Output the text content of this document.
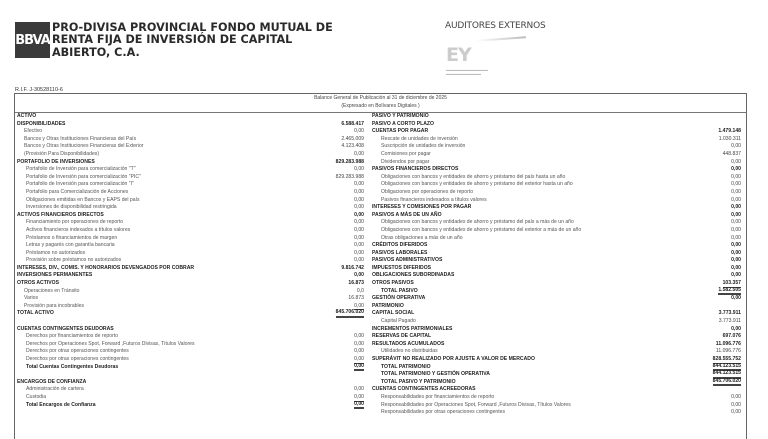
BBVA
PRO-DIVISA PROVINCIAL FONDO MUTUAL DE
RENTA FIJA DE INVERSIÓN DE CAPITAL
ABIERTO, C.A.
AUDITORES EXTERNOS
EY
▬▬▬▬▬▬▬▬▬▬▬▬
▬▬▬▬▬▬▬▬▬▬
R.I.F. J-30528110-6
Balance General de Publicación al 31 de diciembre de 2025
(Expresado en Bolívares Digitales )
ACTIVO
DISPONIBILIDADES	6.588.417
Efectivo	0,00
Bancos y Otras Instituciones Financieras del País	2.465.009
Bancos y Otras Instituciones Financieras del Exterior	4.123.408
(Provisión Para Disponibilidades)	0,00
PORTAFOLIO DE INVERSIONES	829.283.988
Portafolio de Inversión para comercialización "T"	0,00
Portafolio de Inversión para comercialización "PIC"	829.283.988
Portafolio de Inversión para comercialización "I"	0,00
Portafolio para Comercialización de Acciones	0,00
Obligaciones emitidas en Bancos y EAPS del país	0,00
Inversiones de disponibilidad restringida	0,00
ACTIVOS FINANCIEROS DIRECTOS	0,00
Financiamiento por operaciones de reporto	0,00
Activos financieros indexados a títulos valores	0,00
Préstamos o financiamientos de margen	0,00
Letras y pagarés con garantía bancaria	0,00
Préstamos no autorizados	0,00
Provisión sobre préstamos no autorizados	0,00
INTERESES, DIV., COMIS. Y HONORARIOS DEVENGADOS POR COBRAR	9.816.742
INVERSIONES PERMANENTES	0,00
OTROS ACTIVOS	16.873
Operaciones en Tránsito	0,0
Varios	16.873
Provisión para incobrables	0,00
TOTAL ACTIVO	845.706.020
CUENTAS CONTINGENTES DEUDORAS
Derechos por financiamientos de reporto	0,00
Derechos por Operaciones Spot, Forward ,Futuros Divisas, Títulos Valores	0,00
Derechos por otras operaciones contingentes	0,00
Derechos por otras operaciones contingentes	0,00
Total Cuentas Contingentes Deudoras	0,00
ENCARGOS DE CONFIANZA
Administración de cartera	0,00
Custodia	0,00
Total Encargos de Confianza	0,00
PASIVO Y PATRIMONIO
PASIVO A CORTO PLAZO
CUENTAS POR PAGAR	1.479.148
Rescate de unidades de inversión	1.030.311
Suscripción de unidades de inversión	0,00
Comisiones por pagar	448.837
Dividendos por pagar	0,00
PASIVOS FINANCIEROS DIRECTOS	0,00
Obligaciones con bancos y entidades de ahorro y préstamo del país hasta un año	0,00
Obligaciones con bancos y entidades de ahorro y préstamo del exterior hasta un año	0,00
Obligaciones por operaciones de reporto	0,00
Pasivos financieros indexados a títulos valores	0,00
INTERESES Y COMISIONES POR PAGAR	0,00
PASIVOS A MÁS DE UN AÑO	0,00
Obligaciones con bancos y entidades de ahorro y préstamo del país a más de un año	0,00
Obligaciones con bancos y entidades de ahorro y préstamo del exterior a más de un año	0,00
Otras obligaciones a más de un año	0,00
CRÉDITOS DIFERIDOS	0,00
PASIVOS LABORALES	0,00
PASIVOS ADMINISTRATIVOS	0,00
IMPUESTOS DIFERIDOS	0,00
OBLIGACIONES SUBORDINADAS	0,00
OTROS PASIVOS	103.357
TOTAL PASIVO	1.582.505
GESTIÓN OPERATIVA	0,00
PATRIMONIO
CAPITAL SOCIAL	3.773.911
Capital Pagado	3.773.911
INCREMENTOS PATRIMONIALES	0,00
RESERVAS DE CAPITAL	697.076
RESULTADOS ACUMULADOS	11.096.776
Utilidades no distribuidas	11.096.776
SUPERÁVIT NO REALIZADO POR AJUSTE A VALOR DE MERCADO	828.555.752
TOTAL PATRIMONIO	844.123.515
TOTAL PATRIMONIO Y GESTIÓN OPERATIVA	844.123.515
TOTAL PASIVO Y PATRIMONIO	845.706.020
CUENTAS CONTINGENTES ACREEDORAS
Responsabilidades por financiamientos de reporto	0,00
Responsabilidades por Operaciones Spot, Forward ,Futuros Divisas, Títulos Valores	0,00
Responsabilidades por otras operaciones contingentes	0,00
